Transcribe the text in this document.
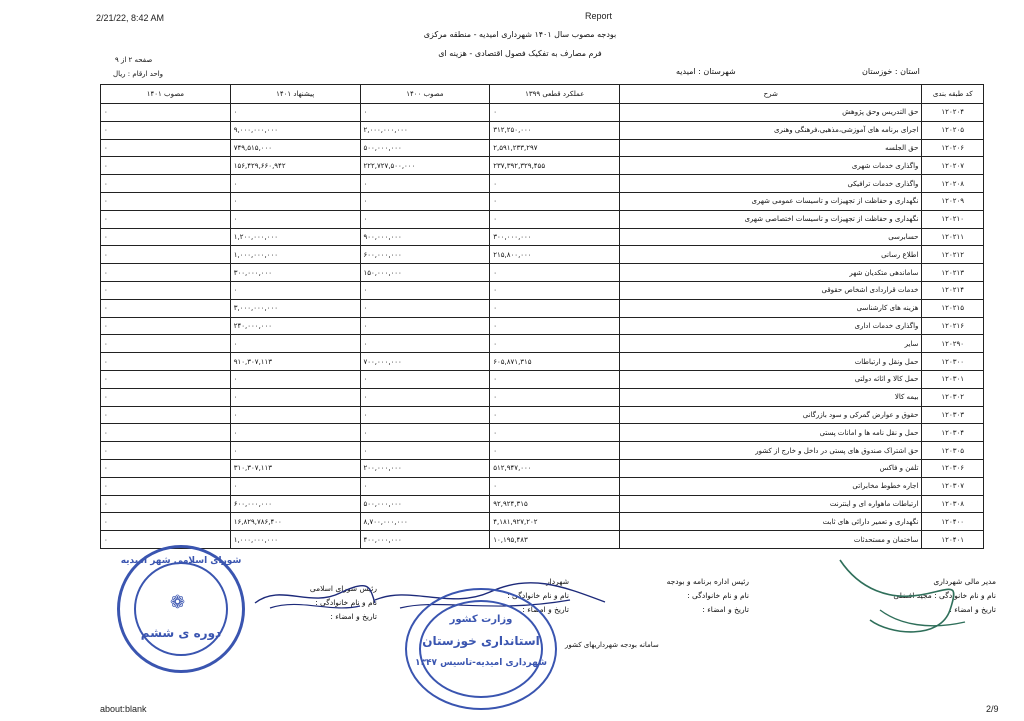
2/21/22, 8:42 AM	Report
about:blank	2/9
بودجه مصوب سال ۱۴۰۱ شهرداری امیدیه - منطقه مرکزی
فرم مصارف به تفکیک فصول اقتصادی - هزینه ای
صفحه ۲ از ۹
واحد ارقام : ریال	استان : خوزستان
شهرستان : امیدیه
کد طبقه بندی	شرح	عملکرد قطعی ۱۳۹۹	مصوب ۱۴۰۰	پیشنهاد ۱۴۰۱	مصوب ۱۴۰۱
۱۲۰۲۰۴	حق التدریس وحق پژوهش	۰	۰	۰	۰
۱۲۰۲۰۵	اجرای برنامه های آموزشی،مذهبی،فرهنگی وهنری	۳۱۲,۲۵۰,۰۰۰	۲,۰۰۰,۰۰۰,۰۰۰	۹,۰۰۰,۰۰۰,۰۰۰	۰
۱۲۰۲۰۶	حق الجلسه	۲,۵۹۱,۲۳۳,۲۹۷	۵۰۰,۰۰۰,۰۰۰	۷۴۹,۵۱۵,۰۰۰	۰
۱۲۰۲۰۷	واگذاری خدمات شهری	۲۳۷,۳۹۲,۳۲۹,۴۵۵	۲۲۲,۷۲۷,۵۰۰,۰۰۰	۱۵۶,۴۲۹,۶۶۰,۹۴۲	۰
۱۲۰۲۰۸	واگذاری خدمات ترافیکی	۰	۰	۰	۰
۱۲۰۲۰۹	نگهداری و حفاظت از تجهیزات و تاسیسات عمومی شهری	۰	۰	۰	۰
۱۲۰۲۱۰	نگهداری و حفاظت از تجهیزات و تاسیسات اختصاصی شهری	۰	۰	۰	۰
۱۲۰۲۱۱	حسابرسی	۳۰۰,۰۰۰,۰۰۰	۹۰۰,۰۰۰,۰۰۰	۱,۲۰۰,۰۰۰,۰۰۰	۰
۱۲۰۲۱۲	اطلاع رسانی	۲۱۵,۸۰۰,۰۰۰	۶۰۰,۰۰۰,۰۰۰	۱,۰۰۰,۰۰۰,۰۰۰	۰
۱۲۰۲۱۳	ساماندهی متکدیان شهر	۰	۱۵۰,۰۰۰,۰۰۰	۳۰۰,۰۰۰,۰۰۰	۰
۱۲۰۲۱۴	خدمات قراردادی اشخاص حقوقی	۰	۰	۰	۰
۱۲۰۲۱۵	هزینه های کارشناسی	۰	۰	۳,۰۰۰,۰۰۰,۰۰۰	۰
۱۲۰۲۱۶	واگذاری خدمات اداری	۰	۰	۲۴۰,۰۰۰,۰۰۰	۰
۱۲۰۲۹۰	سایر	۰	۰	۰	۰
۱۲۰۳۰۰	حمل ونقل و ارتباطات	۶۰۵,۸۷۱,۳۱۵	۷۰۰,۰۰۰,۰۰۰	۹۱۰,۳۰۷,۱۱۳	۰
۱۲۰۳۰۱	حمل کالا و اثاثه دولتی	۰	۰	۰	۰
۱۲۰۳۰۲	بیمه کالا	۰	۰	۰	۰
۱۲۰۳۰۳	حقوق و عوارض گمرکی و سود بازرگانی	۰	۰	۰	۰
۱۲۰۳۰۴	حمل و نقل نامه ها و امانات پستی	۰	۰	۰	۰
۱۲۰۳۰۵	حق اشتراک صندوق های پستی در داخل و خارج از کشور	۰	۰	۰	۰
۱۲۰۳۰۶	تلفن و فاکس	۵۱۲,۹۴۷,۰۰۰	۲۰۰,۰۰۰,۰۰۰	۳۱۰,۳۰۷,۱۱۳	۰
۱۲۰۳۰۷	اجاره خطوط مخابراتی	۰	۰	۰	۰
۱۲۰۳۰۸	ارتباطات ماهواره ای و اینترنت	۹۲,۹۲۴,۳۱۵	۵۰۰,۰۰۰,۰۰۰	۶۰۰,۰۰۰,۰۰۰	۰
۱۲۰۴۰۰	نگهداری و تعمیر دارائی های ثابت	۴,۱۸۱,۹۲۷,۲۰۲	۸,۷۰۰,۰۰۰,۰۰۰	۱۶,۸۲۹,۷۸۶,۴۰۰	۰
۱۲۰۴۰۱	ساختمان و مستحدثات	۱۰,۱۹۵,۴۸۳	۴۰۰,۰۰۰,۰۰۰	۱,۰۰۰,۰۰۰,۰۰۰	۰
مدیر مالی شهرداری
نام و نام خانوادگی : مجید افضلی
تاریخ و امضاء :
رئیس اداره برنامه و بودجه
نام و نام خانوادگی :
تاریخ و امضاء :
شهردار
نام و نام خانوادگی :
تاریخ و امضاء :
رئیس شورای اسلامی
نام و نام خانوادگی :
تاریخ و امضاء :
سامانه بودجه شهرداریهای کشور
شورای اسلامی شهر امیدیه
❁
دوره ی ششم
وزارت کشور
استانداری خوزستان
شهرداری امیدیه-تاسیس ۱۳۴۷
